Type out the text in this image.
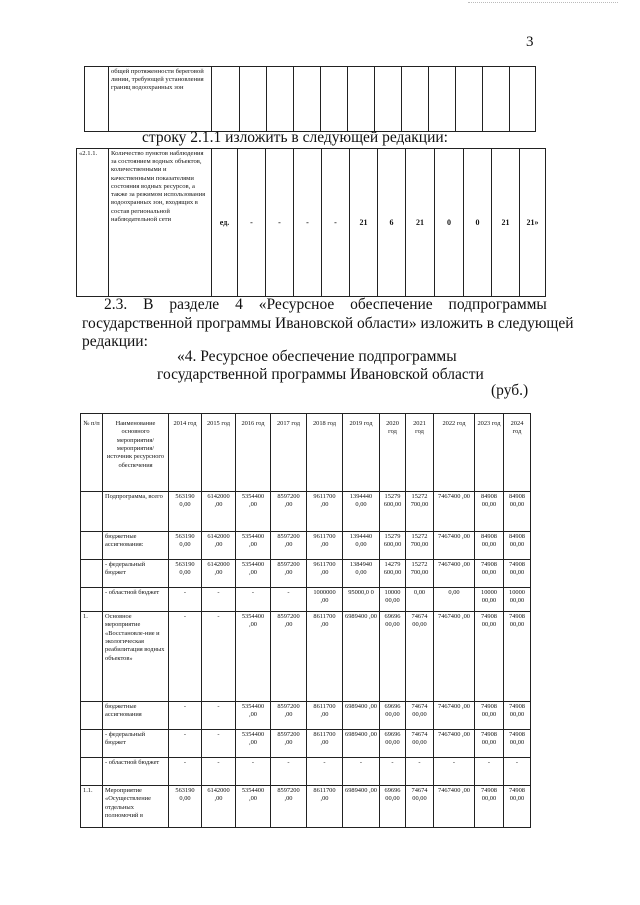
3
	общей протяженности береговой линии, требующей установления границ водоохранных зон												
строку 2.1.1 изложить в следующей редакции:
«2.1.1.	Количество пунктов наблюдения за состоянием водных объектов, количественными и качественными показателями состояния водных ресурсов, а также за режимом использования водоохранных зон, входящих в состав региональной наблюдательной сети	ед.	-	-	-	-	21	6	21	0	0	21	21»
2.3. В разделе 4 «Ресурсное обеспечение подпрограммы
государственной программы Ивановской области» изложить в следующей
редакции:
«4. Ресурсное обеспечение подпрограммы
государственной программы Ивановской области
(руб.)
№ п/п	Наименование основного мероприятия/ мероприятия/ источник ресурсного обеспечения	2014 год	2015 год	2016 год	2017 год	2018 год	2019 год	2020 год	2021 год	2022 год	2023 год	2024 год
	Подпрограмма, всего	563190 0,00	6142000 ,00	5354400 ,00	8597200 ,00	9611700 ,00	1394440 0,00	15279 600,00	15272 700,00	7467400 ,00	84908 00,00	84908 00,00
	бюджетные ассигнования:	563190 0,00	6142000 ,00	5354400 ,00	8597200 ,00	9611700 ,00	1394440 0,00	15279 600,00	15272 700,00	7467400 ,00	84908 00,00	84908 00,00
	- федеральный бюджет	563190 0,00	6142000 ,00	5354400 ,00	8597200 ,00	9611700 ,00	1384940 0,00	14279 600,00	15272 700,00	7467400 ,00	74908 00,00	74908 00,00
	- областной бюджет	-	-	-	-	1000000 ,00	95000,0 0	10000 00,00	0,00	0,00	10000 00,00	10000 00,00
1.	Основное мероприятие «Восстановле-ние и экологическая реабилитация водных объектов»	-	-	5354400 ,00	8597200 ,00	8611700 ,00	6989400 ,00	69696 00,00	74674 00,00	7467400 ,00	74908 00,00	74908 00,00
	бюджетные ассигнования	-	-	5354400 ,00	8597200 ,00	8611700 ,00	6989400 ,00	69696 00,00	74674 00,00	7467400 ,00	74908 00,00	74908 00,00
	- федеральный бюджет	-	-	5354400 ,00	8597200 ,00	8611700 ,00	6989400 ,00	69696 00,00	74674 00,00	7467400 ,00	74908 00,00	74908 00,00
	- областной бюджет	-	-	-	-	-	-	-	-	-	-	-
1.1.	Мероприятие «Осуществление отдельных полномочий в	563190 0,00	6142000 ,00	5354400 ,00	8597200 ,00	8611700 ,00	6989400 ,00	69696 00,00	74674 00,00	7467400 ,00	74908 00,00	74908 00,00
